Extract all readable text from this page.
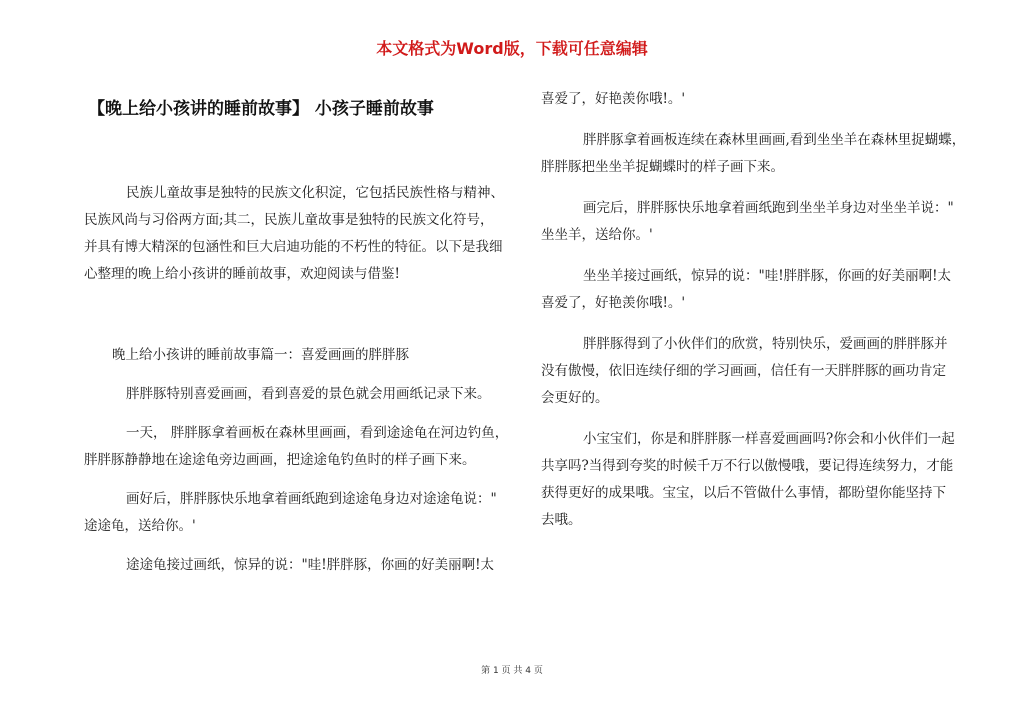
本文格式为Word版，下载可任意编辑
【晚上给小孩讲的睡前故事】 小孩子睡前故事

民族儿童故事是独特的民族文化积淀，它包括民族性格与精神、

民族风尚与习俗两方面;其二，民族儿童故事是独特的民族文化符号，

并具有博大精深的包涵性和巨大启迪功能的不朽性的特征。以下是我细

心整理的晚上给小孩讲的睡前故事，欢迎阅读与借鉴!

晚上给小孩讲的睡前故事篇一：喜爱画画的胖胖豚

胖胖豚特别喜爱画画，看到喜爱的景色就会用画纸记录下来。

一天， 胖胖豚拿着画板在森林里画画，看到途途龟在河边钓鱼，

胖胖豚静静地在途途龟旁边画画，把途途龟钓鱼时的样子画下来。

画好后，胖胖豚快乐地拿着画纸跑到途途龟身边对途途龟说："

途途龟，送给你。'

途途龟接过画纸，惊异的说："哇!胖胖豚，你画的好美丽啊!太

喜爱了，好艳羡你哦!。'

胖胖豚拿着画板连续在森林里画画,看到坐坐羊在森林里捉蝴蝶，

胖胖豚把坐坐羊捉蝴蝶时的样子画下来。

画完后，胖胖豚快乐地拿着画纸跑到坐坐羊身边对坐坐羊说："

坐坐羊，送给你。'

坐坐羊接过画纸，惊异的说："哇!胖胖豚，你画的好美丽啊!太

喜爱了，好艳羡你哦!。'

胖胖豚得到了小伙伴们的欣赏，特别快乐，爱画画的胖胖豚并

没有傲慢，依旧连续仔细的学习画画，信任有一天胖胖豚的画功肯定

会更好的。

小宝宝们，你是和胖胖豚一样喜爱画画吗?你会和小伙伴们一起

共享吗?当得到夸奖的时候千万不行以傲慢哦，要记得连续努力，才能

获得更好的成果哦。宝宝，以后不管做什么事情，都盼望你能坚持下

去哦。

第 1 页 共 4 页
